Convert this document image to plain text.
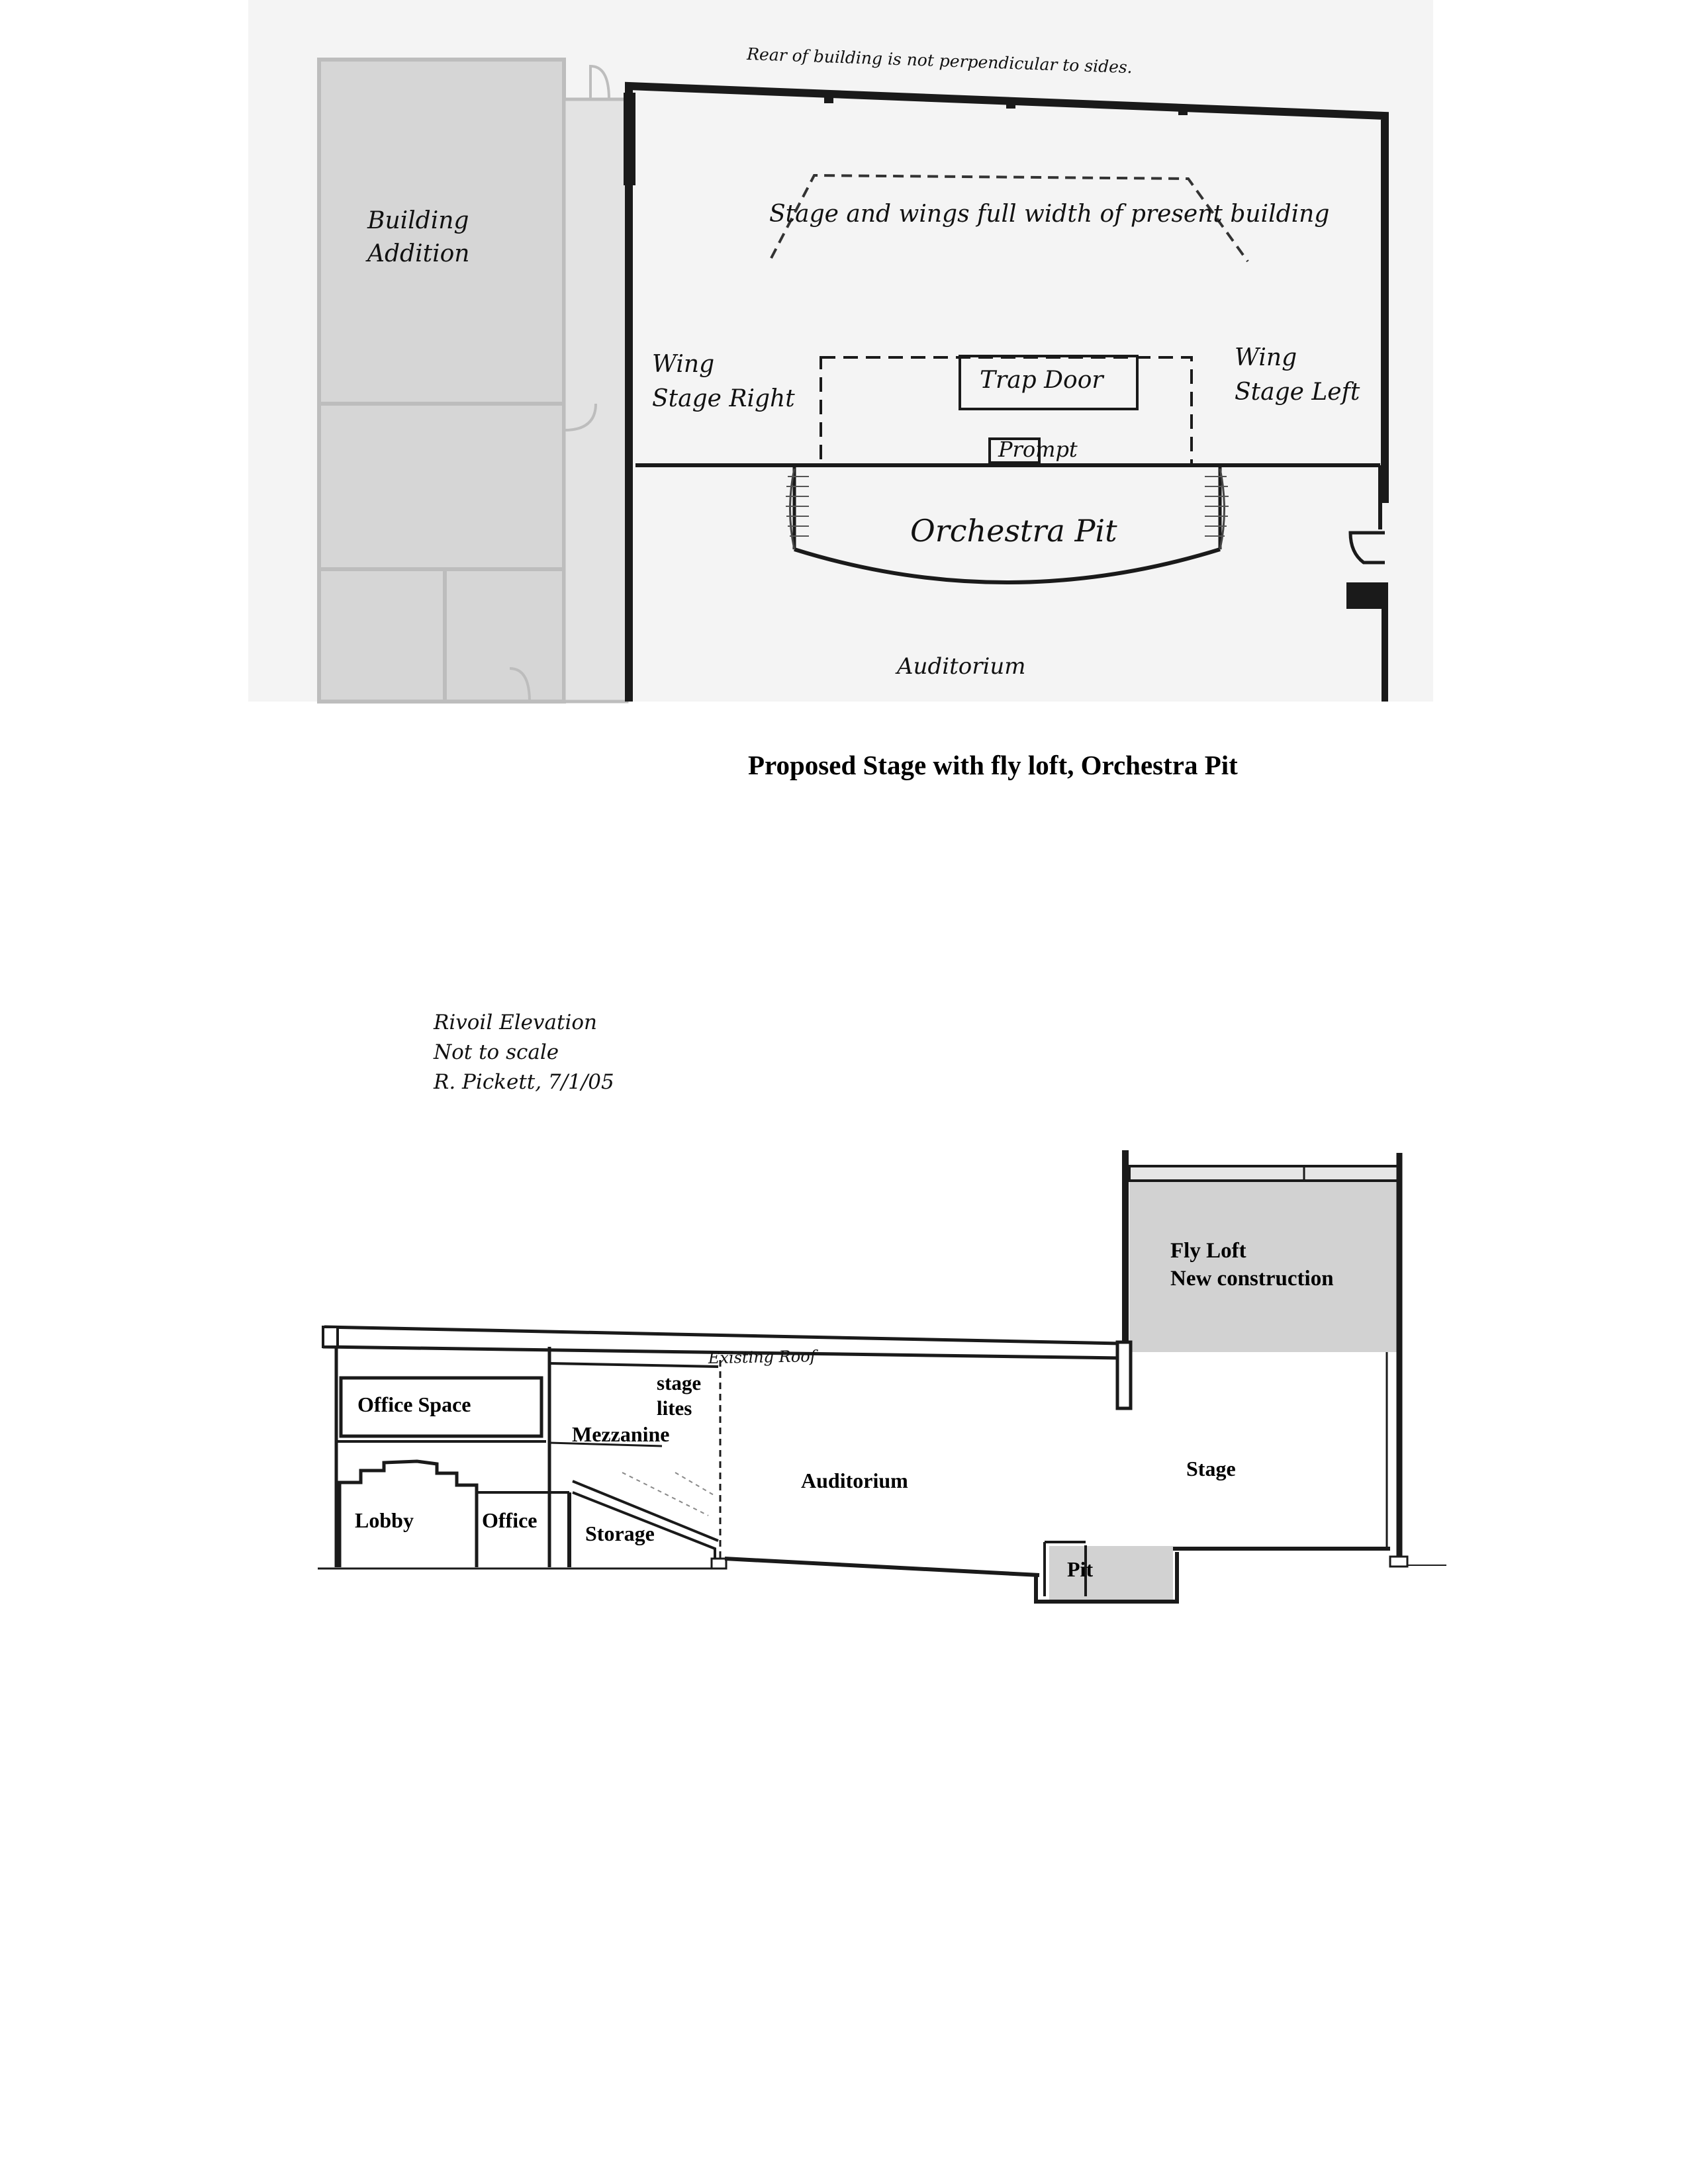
Rear of building is not perpendicular to sides.
Building Addition
Stage and wings full width of present building
Wing Stage Right
Wing Stage Left
Trap Door
Prompt
Orchestra Pit
Auditorium
Proposed Stage with fly loft, Orchestra Pit
Rivoil Elevation Not to scale R. Pickett, 7/1/05
Fly Loft New construction
Existing Roof
Office Space
Lobby	Office
stage lites
Mezzanine
Storage
Auditorium	Stage
Pit
